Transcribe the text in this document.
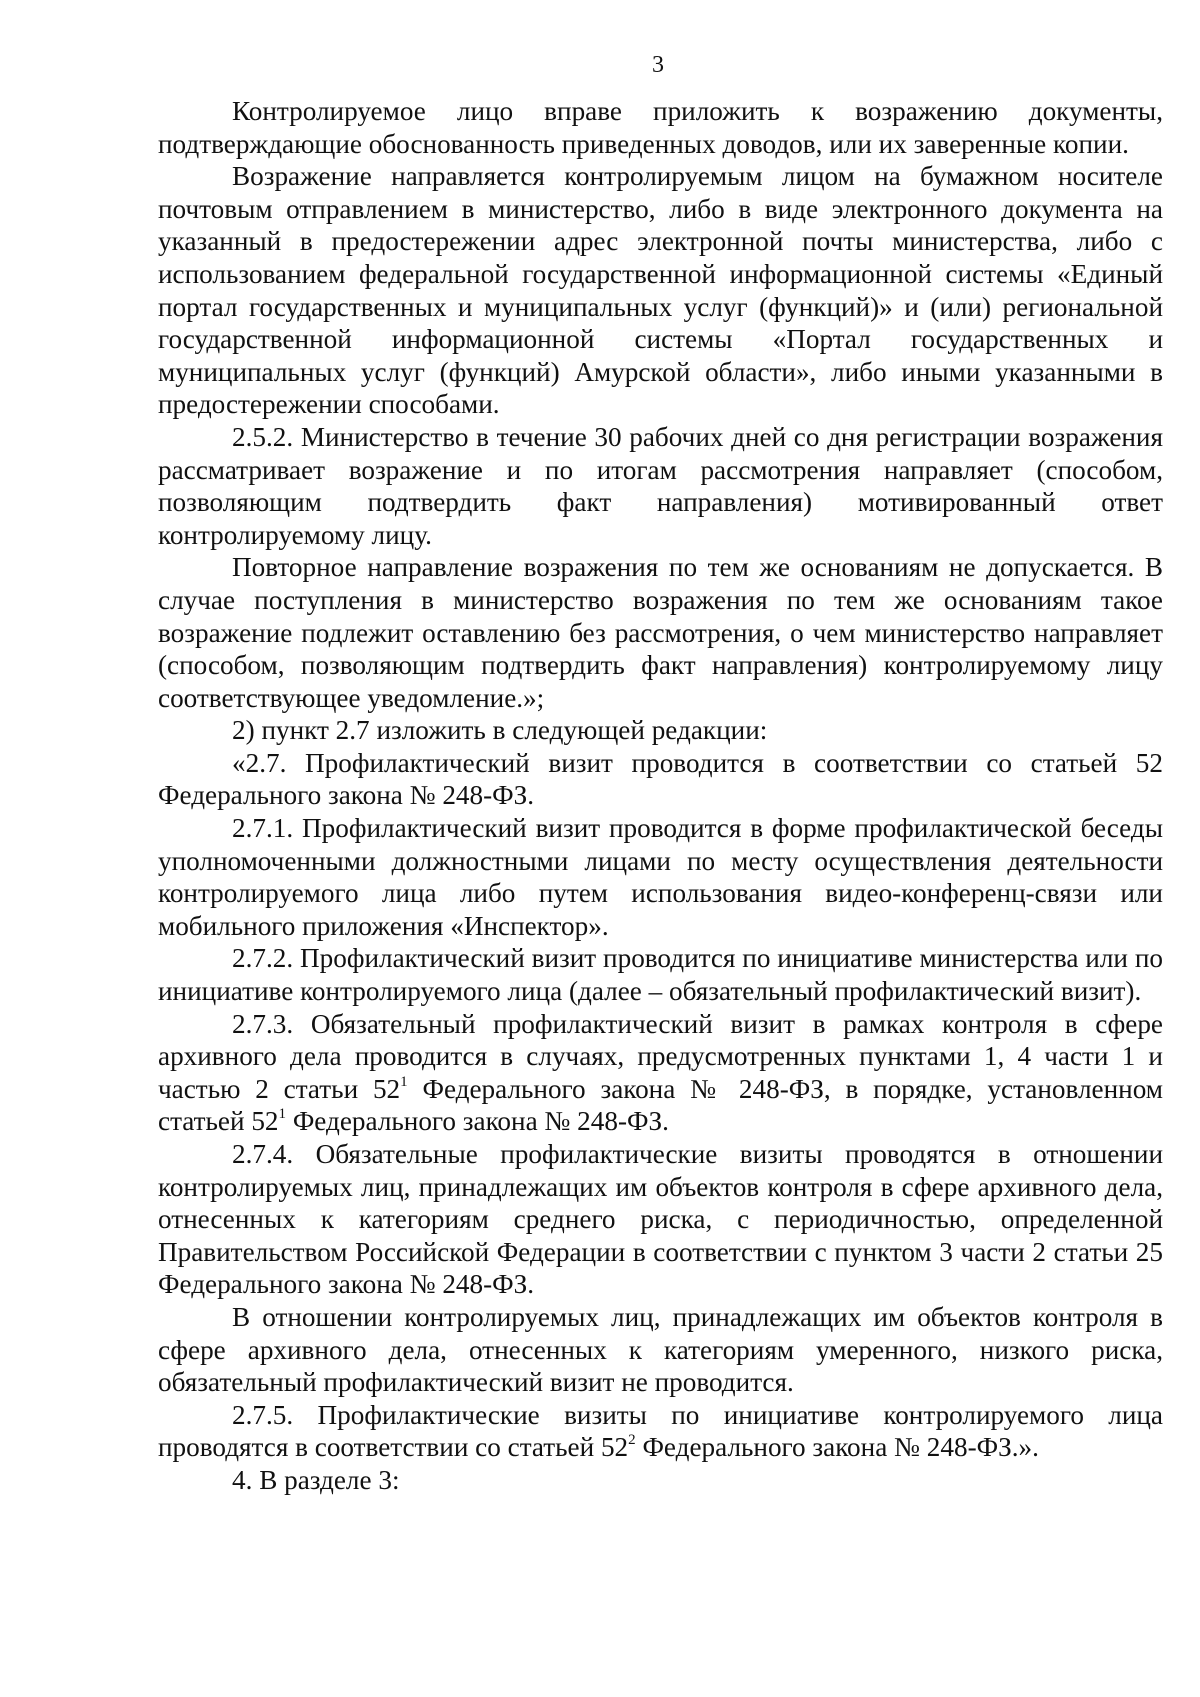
3

Контролируемое лицо вправе приложить к возражению документы, подтверждающие обоснованность приведенных доводов, или их заверенные копии.

Возражение направляется контролируемым лицом на бумажном носителе почтовым отправлением в министерство, либо в виде электронного документа на указанный в предостережении адрес электронной почты министерства, либо с использованием федеральной государственной информационной системы «Единый портал государственных и муниципальных услуг (функций)» и (или) региональной государственной информационной системы «Портал государственных и муниципальных услуг (функций) Амурской области», либо иными указанными в предостережении способами.

2.5.2. Министерство в течение 30 рабочих дней со дня регистрации возражения рассматривает возражение и по итогам рассмотрения направляет (способом, позволяющим подтвердить факт направления) мотивированный ответ контролируемому лицу.

Повторное направление возражения по тем же основаниям не допускается. В случае поступления в министерство возражения по тем же основаниям такое возражение подлежит оставлению без рассмотрения, о чем министерство направляет (способом, позволяющим подтвердить факт направления) контролируемому лицу соответствующее уведомление.»;

2) пункт 2.7 изложить в следующей редакции:

«2.7. Профилактический визит проводится в соответствии со статьей 52 Федерального закона № 248-ФЗ.

2.7.1. Профилактический визит проводится в форме профилактической беседы уполномоченными должностными лицами по месту осуществления деятельности контролируемого лица либо путем использования видео-конференц-связи или мобильного приложения «Инспектор».

2.7.2. Профилактический визит проводится по инициативе министерства или по инициативе контролируемого лица (далее – обязательный профилактический визит).

2.7.3. Обязательный профилактический визит в рамках контроля в сфере архивного дела проводится в случаях, предусмотренных пунктами 1, 4 части 1 и частью 2 статьи $52^1$ Федерального закона № 248-ФЗ, в порядке, установленном статьей $52^1$ Федерального закона № 248-ФЗ.

2.7.4. Обязательные профилактические визиты проводятся в отношении контролируемых лиц, принадлежащих им объектов контроля в сфере архивного дела, отнесенных к категориям среднего риска, с периодичностью, определенной Правительством Российской Федерации в соответствии с пунктом 3 части 2 статьи 25 Федерального закона № 248-ФЗ.

В отношении контролируемых лиц, принадлежащих им объектов контроля в сфере архивного дела, отнесенных к категориям умеренного, низкого риска, обязательный профилактический визит не проводится.

2.7.5. Профилактические визиты по инициативе контролируемого лица проводятся в соответствии со статьей $52^2$ Федерального закона № 248-ФЗ.».

4. В разделе 3:
